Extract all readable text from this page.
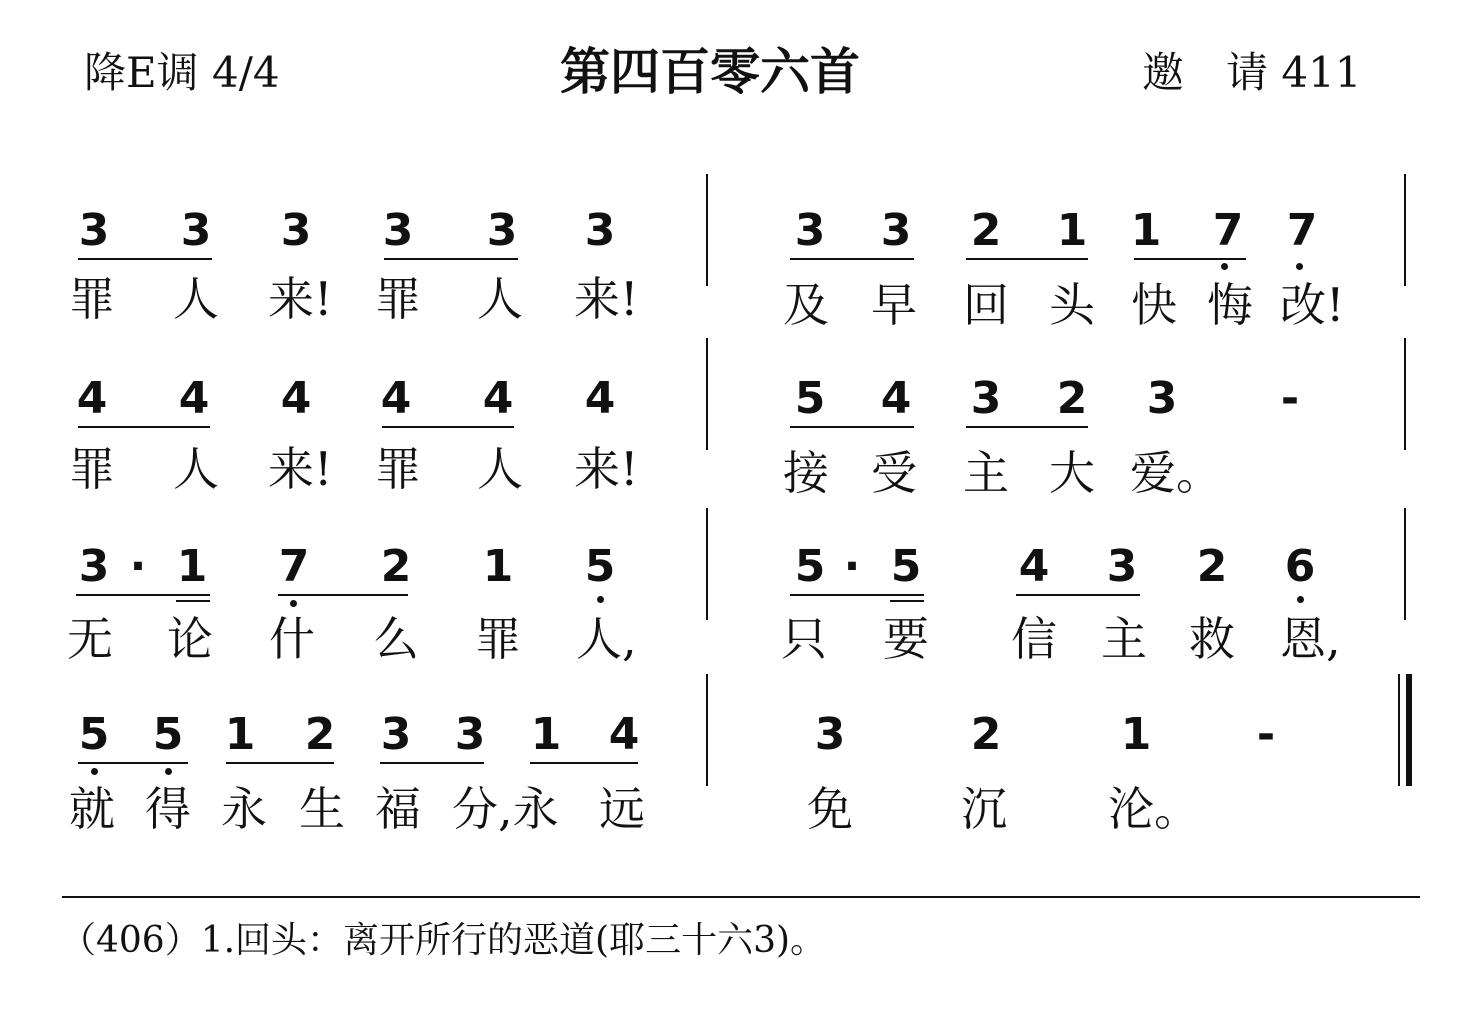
降E调 4/4	第四百零六首	邀　请 411
3	3	3	3	3	3
罪	人	来! 罪	人	来!
3	3	2	1 1	7 7
及 早	回 头 快 悔 改!
4	4	4	4	4	4
罪	人	来! 罪	人	来!
5	4	3	2	3	-
接 受	主 大 爱。
3 · 1	7	2	1	5
无	论	什	么	罪	人,
5 · 5	4	3	2	6
只	要	信 主 救 恩,
5 5 1	2	3 3	1	4
就 得 永 生 福 分,永 远
3	2	1	-
免	沉	沦。
（406）1.回头：离开所行的恶道(耶三十六3)。
